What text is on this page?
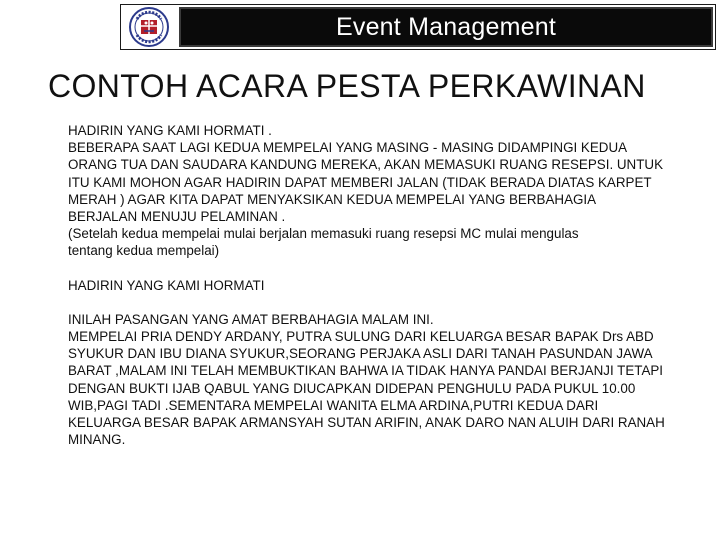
Event Management
CONTOH ACARA PESTA PERKAWINAN

HADIRIN YANG KAMI HORMATI .

BEBERAPA SAAT LAGI KEDUA MEMPELAI YANG MASING - MASING DIDAMPINGI KEDUA ORANG TUA DAN SAUDARA KANDUNG MEREKA, AKAN MEMASUKI RUANG RESEPSI. UNTUK ITU KAMI MOHON AGAR HADIRIN DAPAT MEMBERI JALAN (TIDAK BERADA DIATAS KARPET MERAH ) AGAR KITA DAPAT MENYAKSIKAN KEDUA MEMPELAI YANG BERBAHAGIA BERJALAN MENUJU PELAMINAN .

(Setelah kedua mempelai mulai berjalan memasuki ruang resepsi MC mulai mengulas

tentang kedua mempelai)

HADIRIN YANG KAMI HORMATI

INILAH PASANGAN YANG AMAT BERBAHAGIA MALAM INI.

MEMPELAI PRIA DENDY ARDANY, PUTRA SULUNG DARI KELUARGA BESAR BAPAK Drs ABD SYUKUR DAN IBU DIANA SYUKUR,SEORANG PERJAKA ASLI DARI TANAH PASUNDAN JAWA BARAT ,MALAM INI TELAH MEMBUKTIKAN BAHWA IA TIDAK HANYA PANDAI BERJANJI TETAPI DENGAN BUKTI IJAB QABUL YANG DIUCAPKAN DIDEPAN PENGHULU PADA PUKUL 10.00 WIB,PAGI TADI .SEMENTARA MEMPELAI WANITA ELMA ARDINA,PUTRI KEDUA DARI KELUARGA BESAR BAPAK ARMANSYAH SUTAN ARIFIN, ANAK DARO NAN ALUIH DARI RANAH MINANG.
